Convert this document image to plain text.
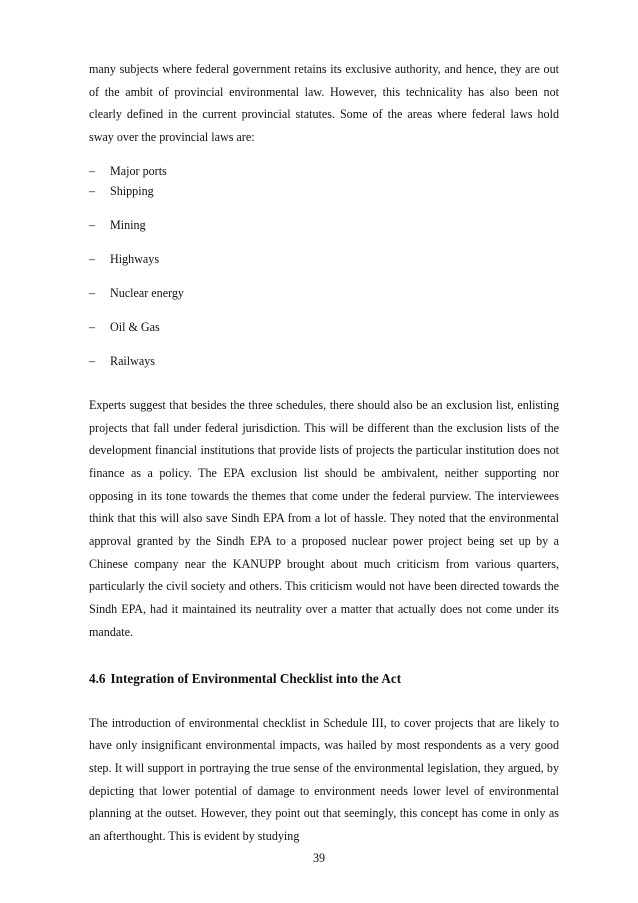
many subjects where federal government retains its exclusive authority, and hence, they are out of the ambit of provincial environmental law. However, this technicality has also been not clearly defined in the current provincial statutes. Some of the areas where federal laws hold sway over the provincial laws are:

– Major ports
– Shipping
– Mining
– Highways
– Nuclear energy
– Oil & Gas
– Railways

Experts suggest that besides the three schedules, there should also be an exclusion list, enlisting projects that fall under federal jurisdiction. This will be different than the exclusion lists of the development financial institutions that provide lists of projects the particular institution does not finance as a policy. The EPA exclusion list should be ambivalent, neither supporting nor opposing in its tone towards the themes that come under the federal purview. The interviewees think that this will also save Sindh EPA from a lot of hassle. They noted that the environmental approval granted by the Sindh EPA to a proposed nuclear power project being set up by a Chinese company near the KANUPP brought about much criticism from various quarters, particularly the civil society and others. This criticism would not have been directed towards the Sindh EPA, had it maintained its neutrality over a matter that actually does not come under its mandate.

4.6 Integration of Environmental Checklist into the Act

The introduction of environmental checklist in Schedule III, to cover projects that are likely to have only insignificant environmental impacts, was hailed by most respondents as a very good step. It will support in portraying the true sense of the environmental legislation, they argued, by depicting that lower potential of damage to environment needs lower level of environmental planning at the outset. However, they point out that seemingly, this concept has come in only as an afterthought. This is evident by studying

39
